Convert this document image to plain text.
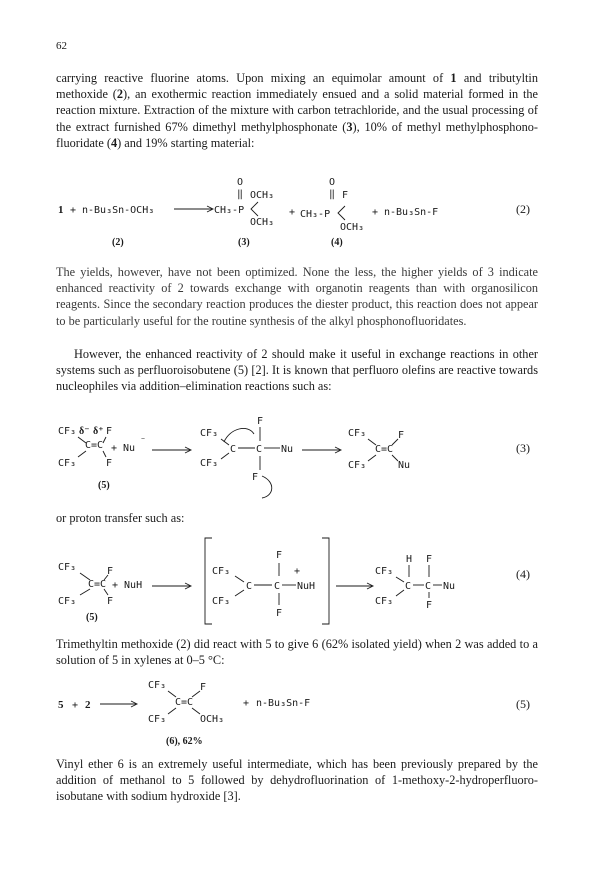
62

carrying reactive fluorine atoms. Upon mixing an equimolar amount of 1 and tributyltin methoxide (2), an exothermic reaction immediately ensued and a solid material formed in the reaction mixture. Extraction of the mixture with carbon tetrachloride, and the usual processing of the extract furnished 67% dimethyl methylphosphonate (3), 10% of methyl methylphosphono-fluoridate (4) and 19% starting material:

1 + n-Bu₃Sn-OCH₃
O
‖ OCH₃
CH₃-P
OCH₃
+
O
‖ F
CH₃-P
OCH₃
+ n-Bu₃Sn-F	(2)
(2)	(3)	(4)

The yields, however, have not been optimized. None the less, the higher yields of 3 indicate enhanced reactivity of 2 towards exchange with organotin reagents than with organosilicon reagents. Since the secondary reaction produces the diester product, this reaction does not appear to be particularly useful for the routine synthesis of the alkyl phosphonofluoridates.

However, the enhanced reactivity of 2 should make it useful in exchange reactions in other systems such as perfluoroisobutene (5) [2]. It is known that perfluoro olefins are reactive towards nucleophiles via addition–elimination reactions such as:

CF₃ δ⁻ δ⁺ F
C=C + Nu
⁻
CF₃	F
CF₃
F
C C Nu
CF₃
F
CF₃	F
C=C
CF₃	Nu
(3)
(5)

or proton transfer such as:

CF₃	F
C=C + NuH
CF₃	F
CF₃
F
+
C C NuH
CF₃
F
H F
CF₃
C C Nu
CF₃	F
(4)
(5)

Trimethyltin methoxide (2) did react with 5 to give 6 (62% isolated yield) when 2 was added to a solution of 5 in xylenes at 0–5 °C:

5 + 2
CF₃	F
C=C
CF₃	OCH₃
+ n-Bu₃Sn-F	(5)
(6), 62%

Vinyl ether 6 is an extremely useful intermediate, which has been previously prepared by the addition of methanol to 5 followed by dehydrofluorination of 1-methoxy-2-hydroperfluoro-isobutane with sodium hydroxide [3].
